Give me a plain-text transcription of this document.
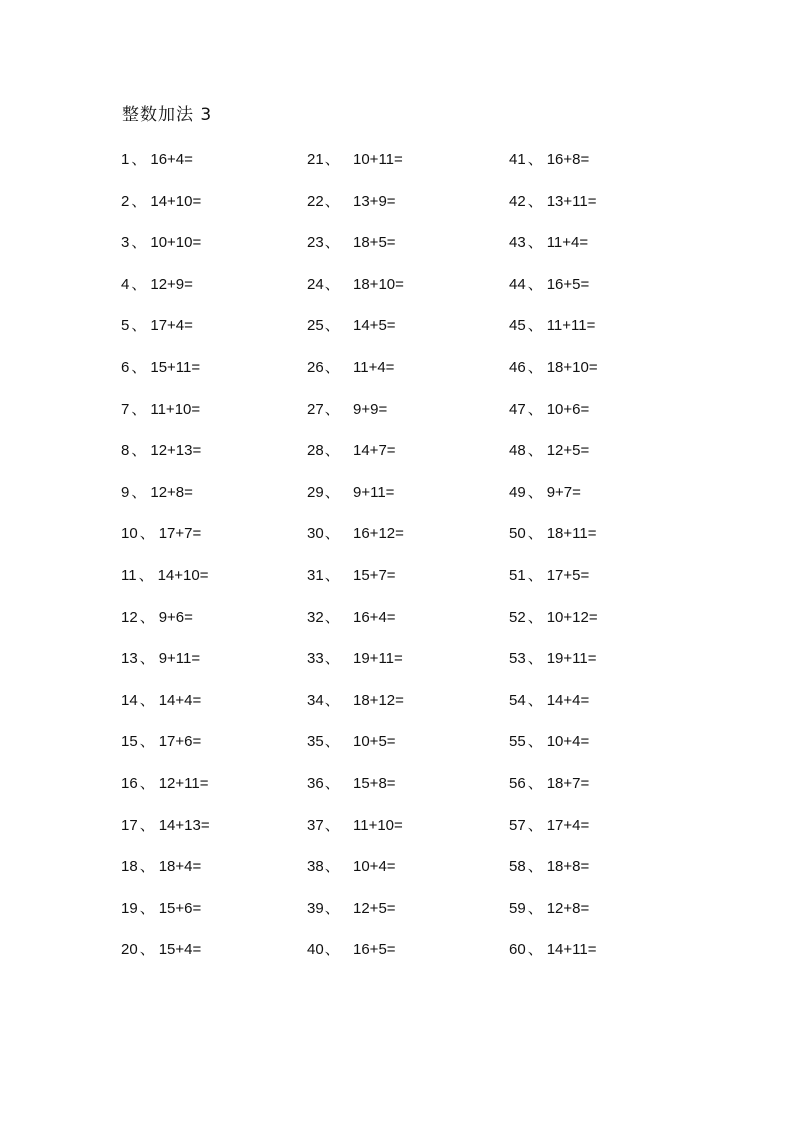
整数加法 3
1 、 16+4=
2 、 14+10=
3 、 10+10=
4 、 12+9=
5 、 17+4=
6 、 15+11=
7 、 11+10=
8 、 12+13=
9 、 12+8=
10 、 17+7=
11 、 14+10=
12 、 9+6=
13 、 9+11=
14 、 14+4=
15 、 17+6=
16 、 12+11=
17 、 14+13=
18 、 18+4=
19 、 15+6=
20 、 15+4=
21 、 10+11=
22 、 13+9=
23 、 18+5=
24 、 18+10=
25 、 14+5=
26 、 11+4=
27 、 9+9=
28 、 14+7=
29 、 9+11=
30 、 16+12=
31 、 15+7=
32 、 16+4=
33 、 19+11=
34 、 18+12=
35 、 10+5=
36 、 15+8=
37 、 11+10=
38 、 10+4=
39 、 12+5=
40 、 16+5=
41 、 16+8=
42 、 13+11=
43 、 11+4=
44 、 16+5=
45 、 11+11=
46 、 18+10=
47 、 10+6=
48 、 12+5=
49 、 9+7=
50 、 18+11=
51 、 17+5=
52 、 10+12=
53 、 19+11=
54 、 14+4=
55 、 10+4=
56 、 18+7=
57 、 17+4=
58 、 18+8=
59 、 12+8=
60 、 14+11=
